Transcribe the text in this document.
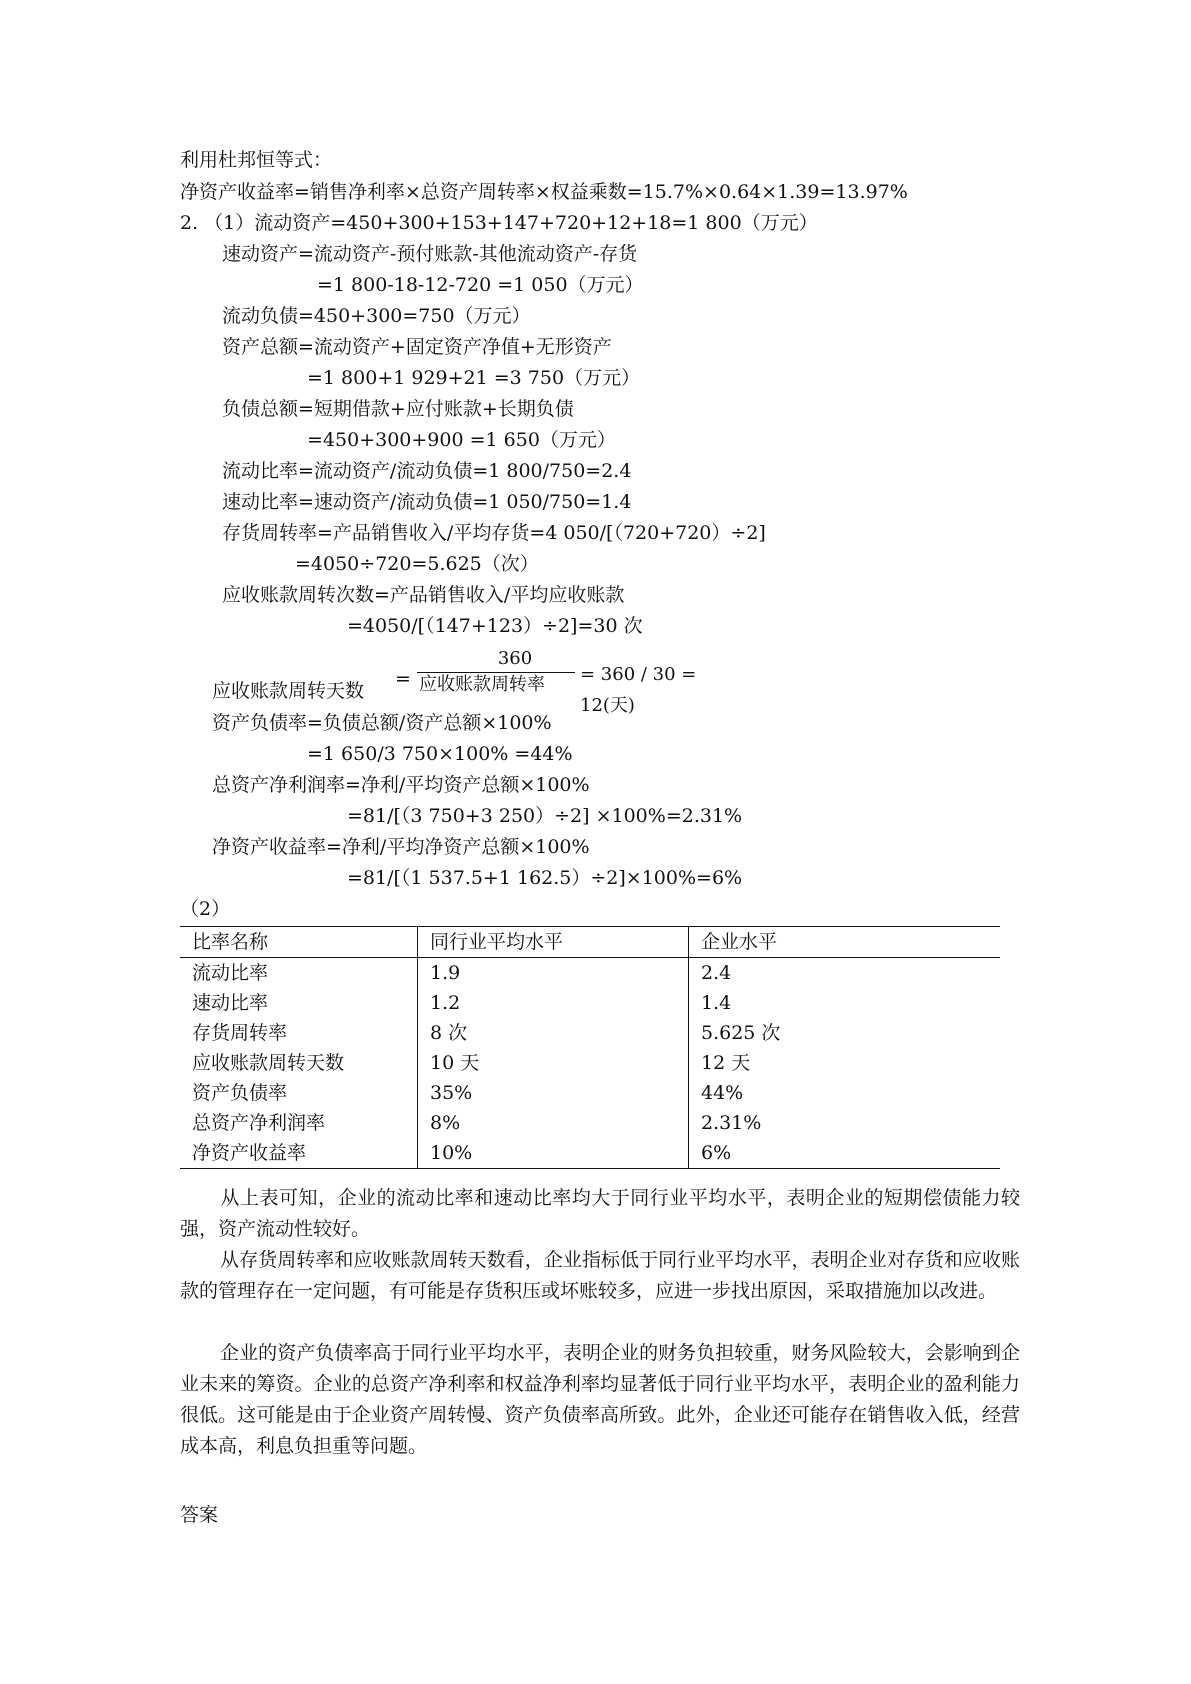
利用杜邦恒等式：
净资产收益率=销售净利率×总资产周转率×权益乘数=15.7%×0.64×1.39=13.97%
2. （1）流动资产=450+300+153+147+720+12+18=1 800（万元）
速动资产=流动资产-预付账款-其他流动资产-存货
=1 800-18-12-720 =1 050（万元）
流动负债=450+300=750（万元）
资产总额=流动资产+固定资产净值+无形资产
=1 800+1 929+21 =3 750（万元）
负债总额=短期借款+应付账款+长期负债
=450+300+900 =1 650（万元）
流动比率=流动资产/流动负债=1 800/750=2.4
速动比率=速动资产/流动负债=1 050/750=1.4
存货周转率=产品销售收入/平均存货=4 050/[（720+720）÷2]
=4050÷720=5.625（次）
应收账款周转次数=产品销售收入/平均应收账款
=4050/[（147+123）÷2]=30 次
应收账款周转天数
=
360
应收账款周转率 = 360 / 30 = 12(天)
资产负债率=负债总额/资产总额×100%
=1 650/3 750×100% =44%
总资产净利润率=净利/平均资产总额×100%
=81/[（3 750+3 250）÷2] ×100%=2.31%
净资产收益率=净利/平均净资产总额×100%
=81/[（1 537.5+1 162.5）÷2]×100%=6%
（2）
比率名称	同行业平均水平	企业水平
流动比率	1.9	2.4
速动比率	1.2	1.4
存货周转率	8 次	5.625 次
应收账款周转天数	10 天	12 天
资产负债率	35%	44%
总资产净利润率	8%	2.31%
净资产收益率	10%	6%
从上表可知，企业的流动比率和速动比率均大于同行业平均水平，表明企业的短期偿债能力较强，资产流动性较好。
从存货周转率和应收账款周转天数看，企业指标低于同行业平均水平，表明企业对存货和应收账款的管理存在一定问题，有可能是存货积压或坏账较多，应进一步找出原因，采取措施加以改进。
企业的资产负债率高于同行业平均水平，表明企业的财务负担较重，财务风险较大，会影响到企业未来的筹资。企业的总资产净利率和权益净利率均显著低于同行业平均水平，表明企业的盈利能力很低。这可能是由于企业资产周转慢、资产负债率高所致。此外，企业还可能存在销售收入低，经营成本高，利息负担重等问题。
答案
